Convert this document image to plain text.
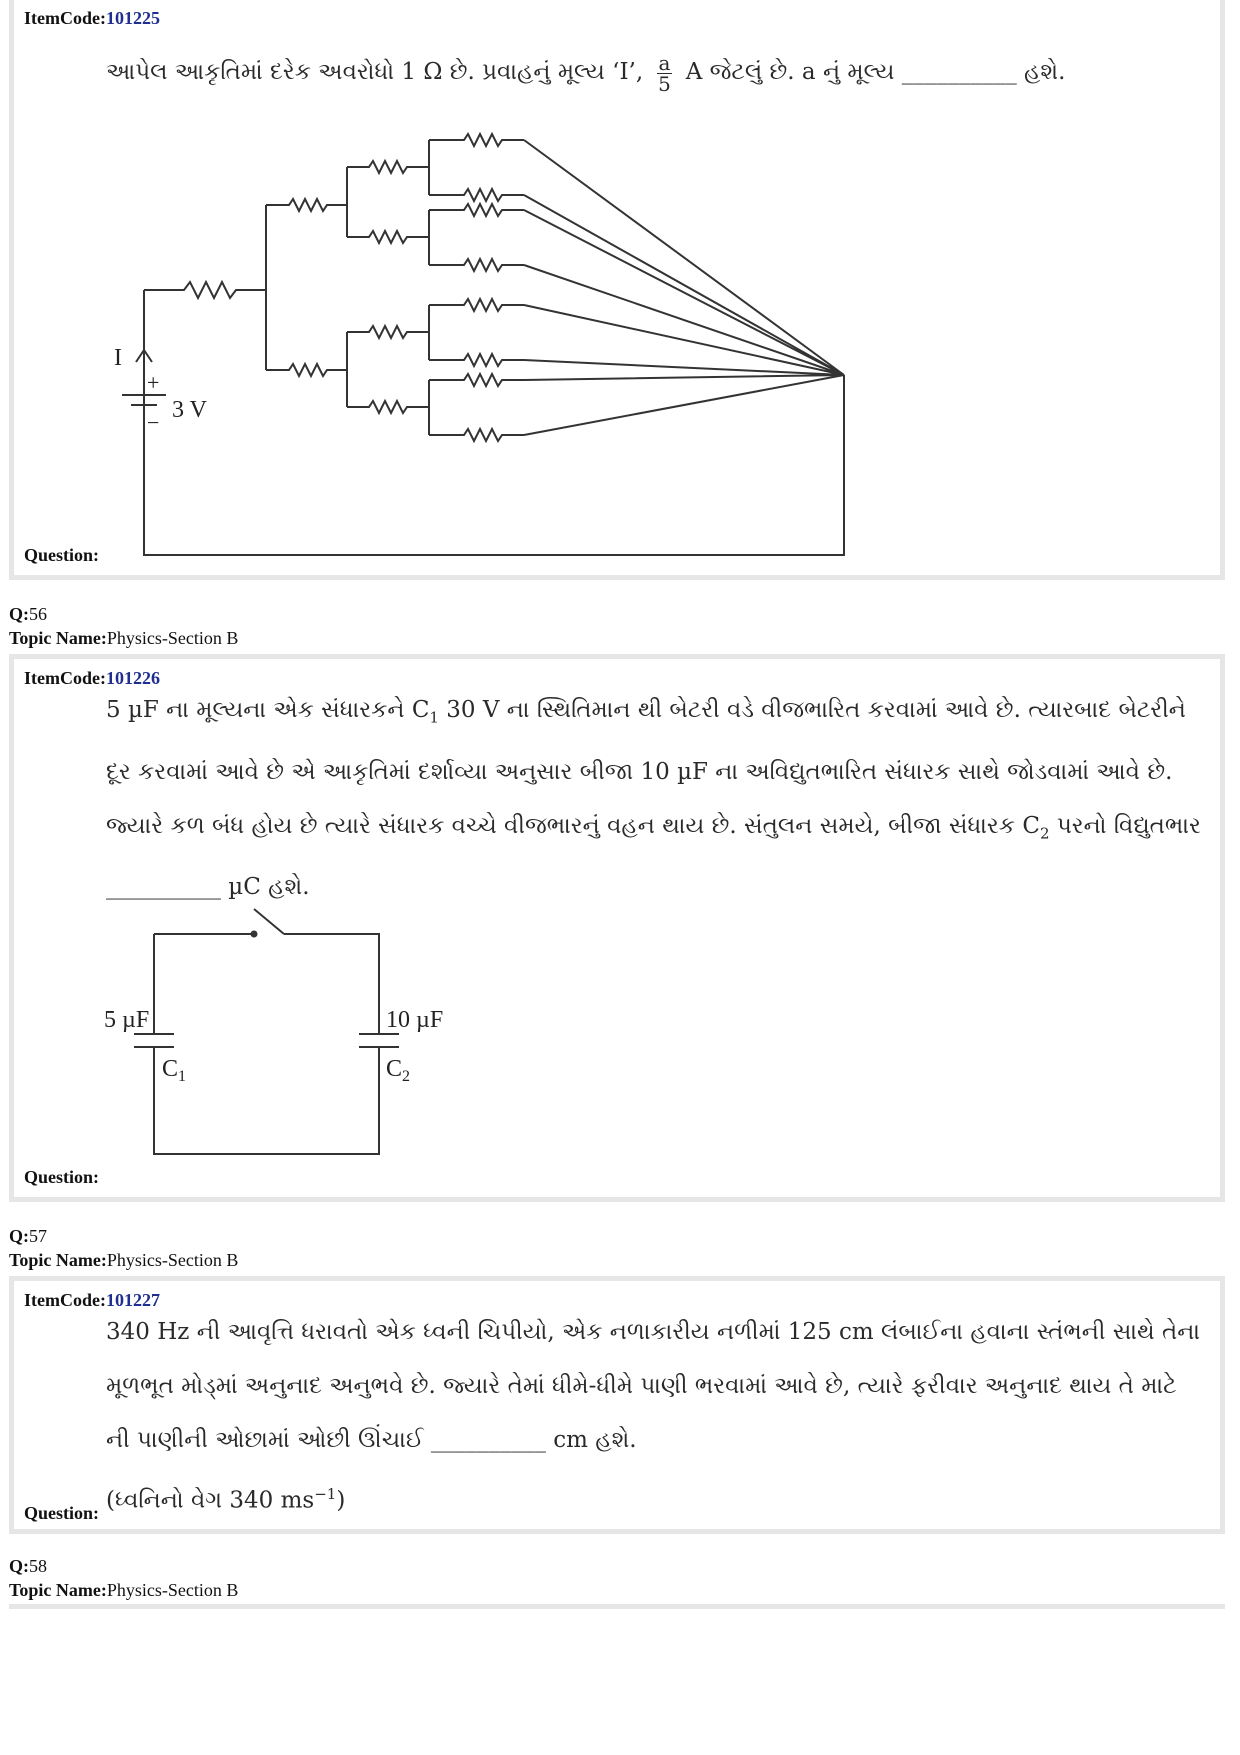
ItemCode:101225
આપેલ આકૃતિમાં દરેક અવરોધો 1 Ω છે. પ્રવાહનું મૂલ્ય ‘I’, $\frac{a}{5}$ A જેટલું છે. a નું મૂલ્ય __________ હશે.
I
+
− 3 V
Question:
Q:56
Topic Name:Physics-Section B
ItemCode:101226
5 µF ના મૂલ્યના એક સંધારકને $C_1$ 30 V ના સ્થિતિમાન થી બેટરી વડે વીજભારિત કરવામાં આવે છે. ત્યારબાદ બેટરીને
દૂર કરવામાં આવે છે એ આકૃતિમાં દર્શાવ્યા અનુસાર બીજા 10 µF ના અવિદ્યુતભારિત સંધારક સાથે જોડવામાં આવે છે.
જ્યારે કળ બંધ હોય છે ત્યારે સંધારક વચ્ચે વીજભારનું વહન થાય છે. સંતુલન સમયે, બીજા સંધારક $C_2$ પરનો વિદ્યુતભાર
__________ µC હશે.
5 µF
$C_1$
10 µF
$C_2$
Question:
Q:57
Topic Name:Physics-Section B
ItemCode:101227
340 Hz ની આવૃત્તિ ધરાવતો એક ધ્વની ચિપીયો, એક નળાકારીય નળીમાં 125 cm લંબાઈના હવાના સ્તંભની સાથે તેના
મૂળભૂત મોડ્માં અનુનાદ અનુભવે છે. જ્યારે તેમાં ધીમે-ધીમે પાણી ભરવામાં આવે છે, ત્યારે ફરીવાર અનુનાદ થાય તે માટે
ની પાણીની ઓછામાં ઓછી ઊંચાઈ __________ cm હશે.
(ધ્વનિનો વેગ 340 $ms^{-1}$)
Question:
Q:58
Topic Name:Physics-Section B
